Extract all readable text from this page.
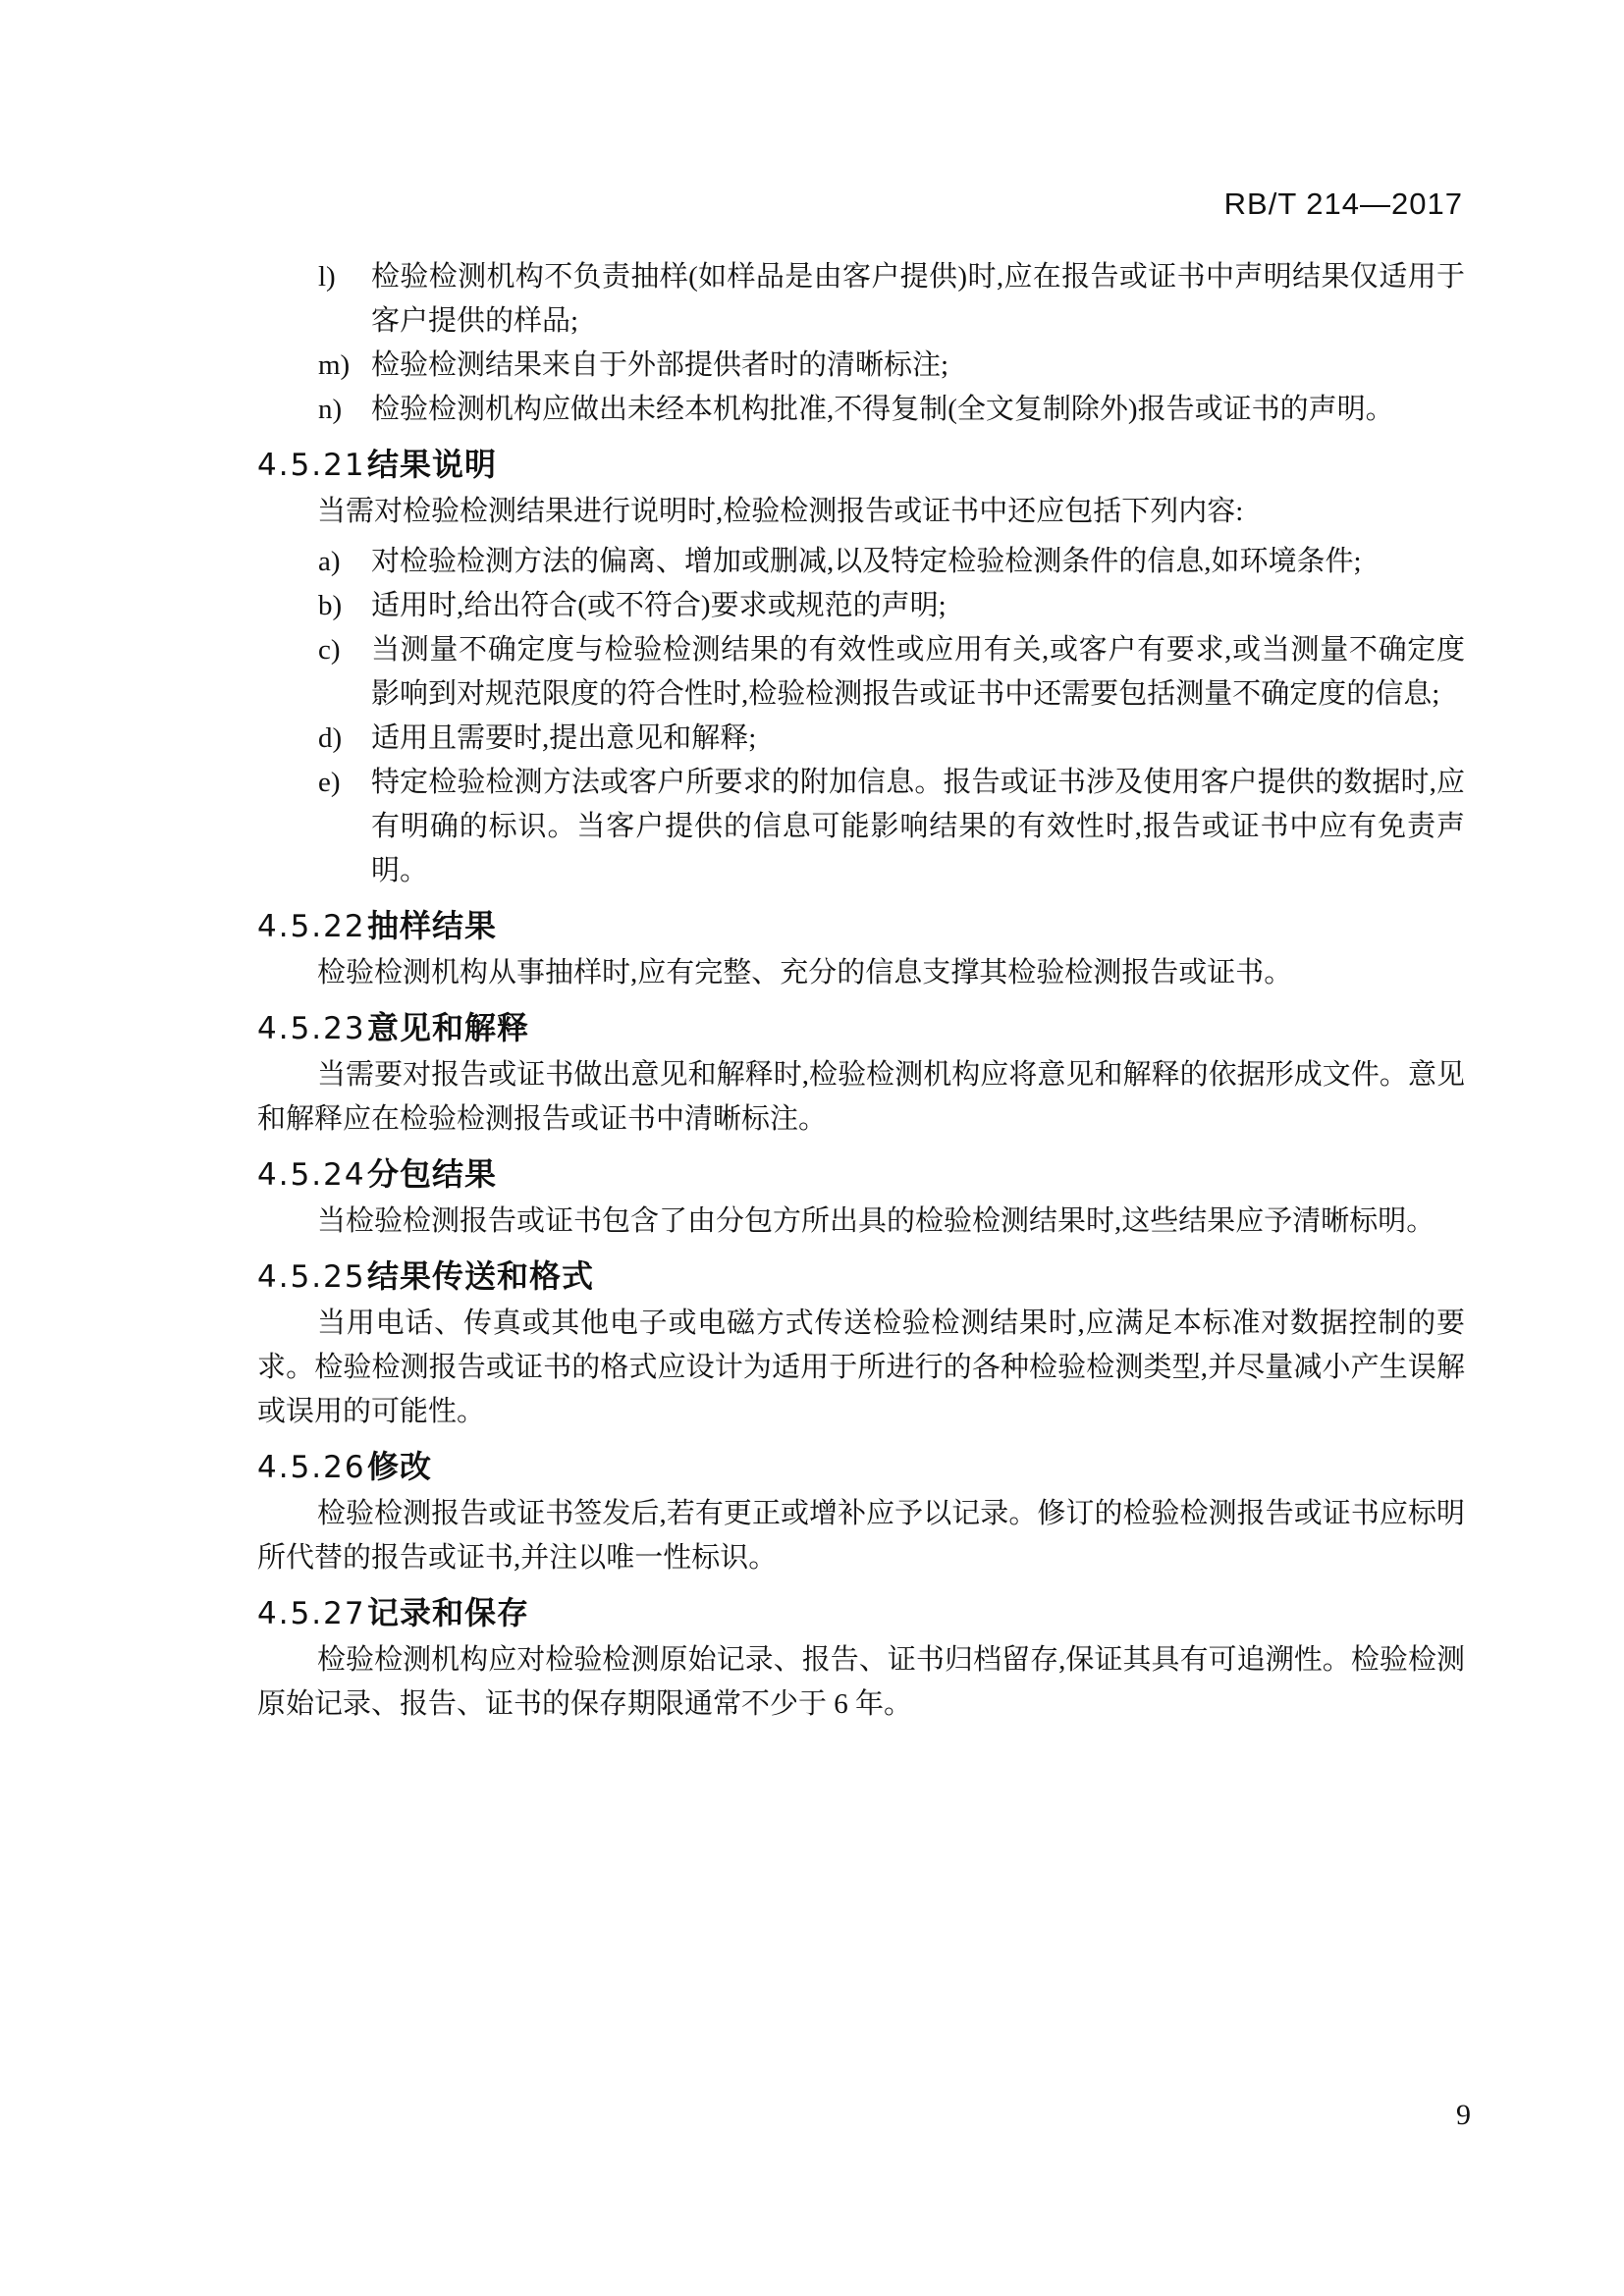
RB/T 214—2017
l)	检验检测机构不负责抽样(如样品是由客户提供)时,应在报告或证书中声明结果仅适用于客户提供的样品;
m) 检验检测结果来自于外部提供者时的清晰标注;
n)	检验检测机构应做出未经本机构批准,不得复制(全文复制除外)报告或证书的声明。
4.5.21 结果说明

当需对检验检测结果进行说明时,检验检测报告或证书中还应包括下列内容:

a)	对检验检测方法的偏离、增加或删减,以及特定检验检测条件的信息,如环境条件;
b)	适用时,给出符合(或不符合)要求或规范的声明;
c)	当测量不确定度与检验检测结果的有效性或应用有关,或客户有要求,或当测量不确定度影响到对规范限度的符合性时,检验检测报告或证书中还需要包括测量不确定度的信息;
d)	适用且需要时,提出意见和解释;
e)	特定检验检测方法或客户所要求的附加信息。报告或证书涉及使用客户提供的数据时,应有明确的标识。当客户提供的信息可能影响结果的有效性时,报告或证书中应有免责声明。
4.5.22 抽样结果

检验检测机构从事抽样时,应有完整、充分的信息支撑其检验检测报告或证书。

4.5.23 意见和解释

当需要对报告或证书做出意见和解释时,检验检测机构应将意见和解释的依据形成文件。意见和解释应在检验检测报告或证书中清晰标注。

4.5.24 分包结果

当检验检测报告或证书包含了由分包方所出具的检验检测结果时,这些结果应予清晰标明。

4.5.25 结果传送和格式

当用电话、传真或其他电子或电磁方式传送检验检测结果时,应满足本标准对数据控制的要求。检验检测报告或证书的格式应设计为适用于所进行的各种检验检测类型,并尽量减小产生误解或误用的可能性。

4.5.26 修改

检验检测报告或证书签发后,若有更正或增补应予以记录。修订的检验检测报告或证书应标明所代替的报告或证书,并注以唯一性标识。

4.5.27 记录和保存

检验检测机构应对检验检测原始记录、报告、证书归档留存,保证其具有可追溯性。检验检测原始记录、报告、证书的保存期限通常不少于 6 年。

9
